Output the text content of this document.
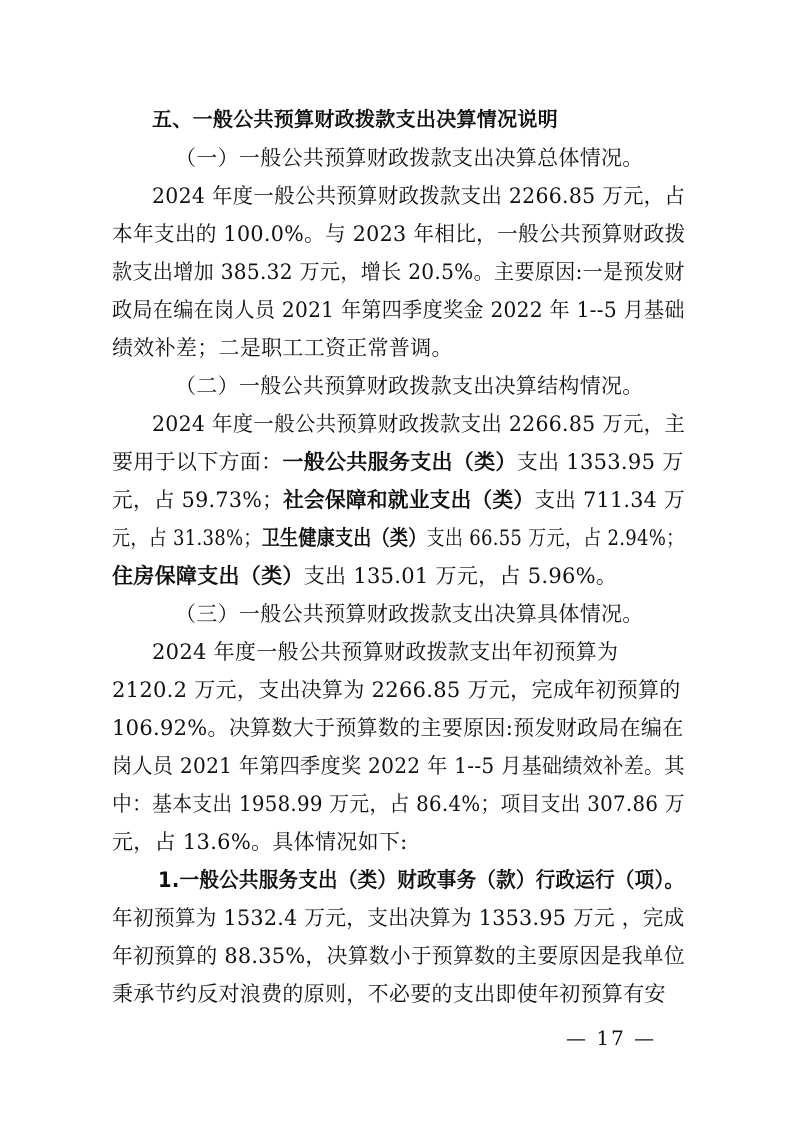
五、一般公共预算财政拨款支出决算情况说明
（一）一般公共预算财政拨款支出决算总体情况。
2024 年度一般公共预算财政拨款支出 2266.85 万元，占
本年支出的 100.0%。与 2023 年相比，一般公共预算财政拨
款支出增加 385.32 万元，增长 20.5%。主要原因:一是预发财
政局在编在岗人员 2021 年第四季度奖金 2022 年 1--5 月基础
绩效补差；二是职工工资正常普调。
（二）一般公共预算财政拨款支出决算结构情况。
2024 年度一般公共预算财政拨款支出 2266.85 万元，主
要用于以下方面：一般公共服务支出（类）支出 1353.95 万
元，占 59.73%；社会保障和就业支出（类）支出 711.34 万
元，占 31.38%；卫生健康支出（类）支出 66.55 万元，占 2.94%；
住房保障支出（类）支出 135.01 万元，占 5.96%。
（三）一般公共预算财政拨款支出决算具体情况。
2024 年度一般公共预算财政拨款支出年初预算为
2120.2 万元，支出决算为 2266.85 万元，完成年初预算的
106.92%。决算数大于预算数的主要原因:预发财政局在编在
岗人员 2021 年第四季度奖 2022 年 1--5 月基础绩效补差。其
中：基本支出 1958.99 万元，占 86.4%；项目支出 307.86 万
元，占 13.6%。具体情况如下:
1.一般公共服务支出（类）财政事务（款）行政运行（项）。
年初预算为 1532.4 万元，支出决算为 1353.95 万元 ，完成
年初预算的 88.35%，决算数小于预算数的主要原因是我单位
秉承节约反对浪费的原则，不必要的支出即使年初预算有安
— 17 —
